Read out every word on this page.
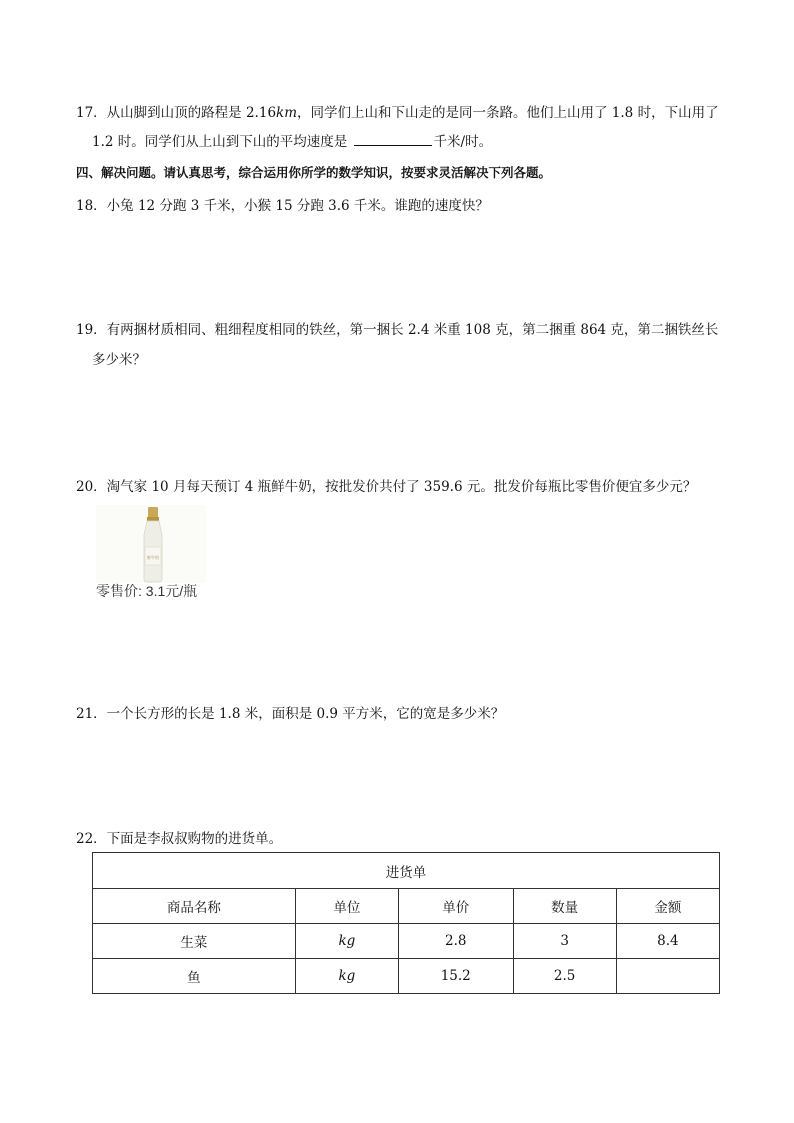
17．从山脚到山顶的路程是 2.16km，同学们上山和下山走的是同一条路。他们上山用了 1.8 时，下山用了
1.2 时。同学们从上山到下山的平均速度是	千米/时。
四、解决问题。请认真思考，综合运用你所学的数学知识，按要求灵活解决下列各题。
18．小兔 12 分跑 3 千米，小猴 15 分跑 3.6 千米。谁跑的速度快？
19．有两捆材质相同、粗细程度相同的铁丝，第一捆长 2.4 米重 108 克，第二捆重 864 克，第二捆铁丝长
多少米？
20．淘气家 10 月每天预订 4 瓶鲜牛奶，按批发价共付了 359.6 元。批发价每瓶比零售价便宜多少元？
鲜牛奶
零售价: 3.1元/瓶
21．一个长方形的长是 1.8 米，面积是 0.9 平方米，它的宽是多少米？
22．下面是李叔叔购物的进货单。
进货单				
商品名称	单位	单价	数量	金额
生菜	kg	2.8	3	8.4
鱼	kg	15.2	2.5	
